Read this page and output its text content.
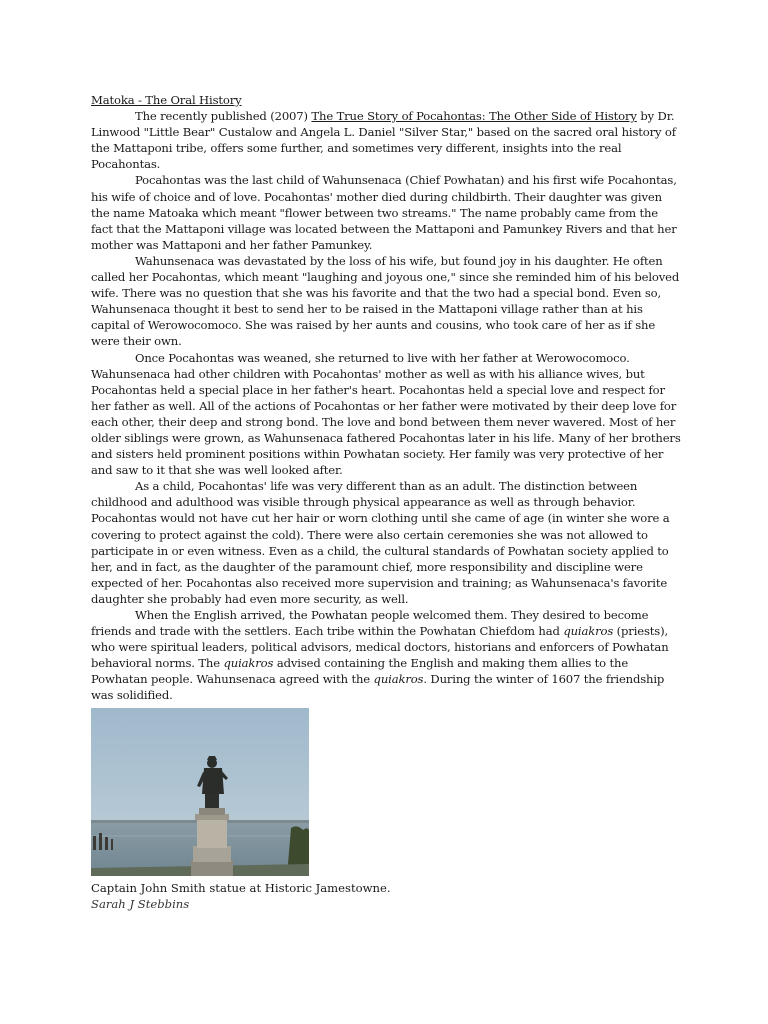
Matoka - The Oral History

The recently published (2007) The True Story of Pocahontas: The Other Side of History by Dr. Linwood "Little Bear" Custalow and Angela L. Daniel "Silver Star," based on the sacred oral history of the Mattaponi tribe, offers some further, and sometimes very different, insights into the real Pocahontas.

Pocahontas was the last child of Wahunsenaca (Chief Powhatan) and his first wife Pocahontas, his wife of choice and of love. Pocahontas' mother died during childbirth. Their daughter was given the name Matoaka which meant "flower between two streams." The name probably came from the fact that the Mattaponi village was located between the Mattaponi and Pamunkey Rivers and that her mother was Mattaponi and her father Pamunkey.

Wahunsenaca was devastated by the loss of his wife, but found joy in his daughter. He often called her Pocahontas, which meant "laughing and joyous one," since she reminded him of his beloved wife. There was no question that she was his favorite and that the two had a special bond. Even so, Wahunsenaca thought it best to send her to be raised in the Mattaponi village rather than at his capital of Werowocomoco. She was raised by her aunts and cousins, who took care of her as if she were their own.

Once Pocahontas was weaned, she returned to live with her father at Werowocomoco. Wahunsenaca had other children with Pocahontas' mother as well as with his alliance wives, but Pocahontas held a special place in her father's heart. Pocahontas held a special love and respect for her father as well. All of the actions of Pocahontas or her father were motivated by their deep love for each other, their deep and strong bond. The love and bond between them never wavered. Most of her older siblings were grown, as Wahunsenaca fathered Pocahontas later in his life. Many of her brothers and sisters held prominent positions within Powhatan society. Her family was very protective of her and saw to it that she was well looked after.

As a child, Pocahontas' life was very different than as an adult. The distinction between childhood and adulthood was visible through physical appearance as well as through behavior. Pocahontas would not have cut her hair or worn clothing until she came of age (in winter she wore a covering to protect against the cold). There were also certain ceremonies she was not allowed to participate in or even witness. Even as a child, the cultural standards of Powhatan society applied to her, and in fact, as the daughter of the paramount chief, more responsibility and discipline were expected of her. Pocahontas also received more supervision and training; as Wahunsenaca's favorite daughter she probably had even more security, as well.

When the English arrived, the Powhatan people welcomed them. They desired to become friends and trade with the settlers. Each tribe within the Powhatan Chiefdom had quiakros (priests), who were spiritual leaders, political advisors, medical doctors, historians and enforcers of Powhatan behavioral norms. The quiakros advised containing the English and making them allies to the Powhatan people. Wahunsenaca agreed with the quiakros. During the winter of 1607 the friendship was solidified.

Captain John Smith statue at Historic Jamestowne.
Sarah J Stebbins
